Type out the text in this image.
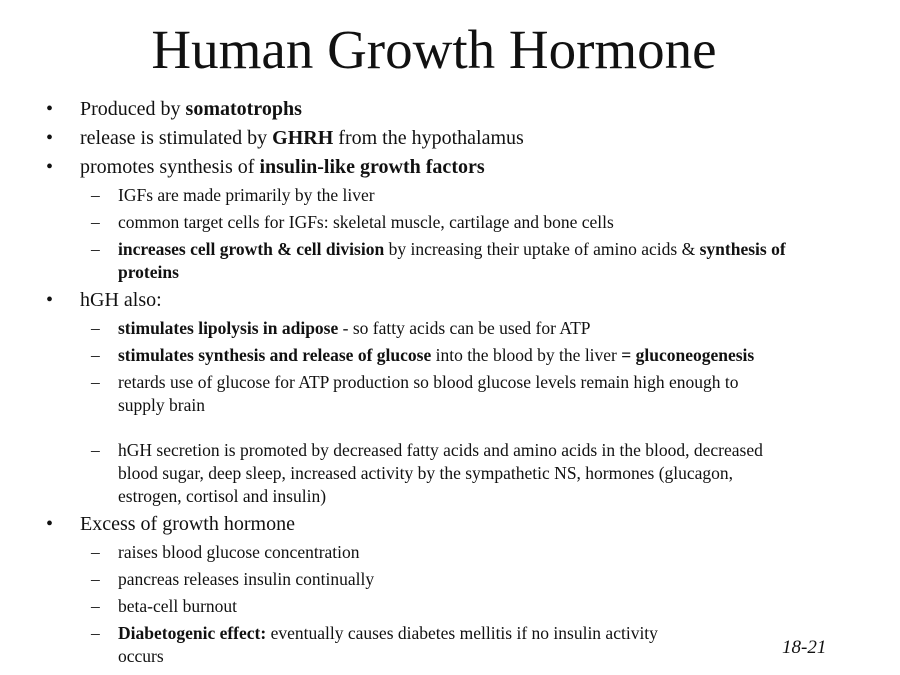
Human Growth Hormone
• Produced by somatotrophs
• release is stimulated by GHRH from the hypothalamus
• promotes synthesis of insulin-like growth factors
– IGFs are made primarily by the liver
– common target cells for IGFs: skeletal muscle, cartilage and bone cells
– increases cell growth & cell division by increasing their uptake of amino acids & synthesis of
proteins
• hGH also:
– stimulates lipolysis in adipose - so fatty acids can be used for ATP
– stimulates synthesis and release of glucose into the blood by the liver = gluconeogenesis
– retards use of glucose for ATP production so blood glucose levels remain high enough to
supply brain
– hGH secretion is promoted by decreased fatty acids and amino acids in the blood, decreased
blood sugar, deep sleep, increased activity by the sympathetic NS, hormones (glucagon,
estrogen, cortisol and insulin)
• Excess of growth hormone
– raises blood glucose concentration
– pancreas releases insulin continually
– beta-cell burnout
– Diabetogenic effect: eventually causes diabetes mellitis if no insulin activity
occurs	18-21
